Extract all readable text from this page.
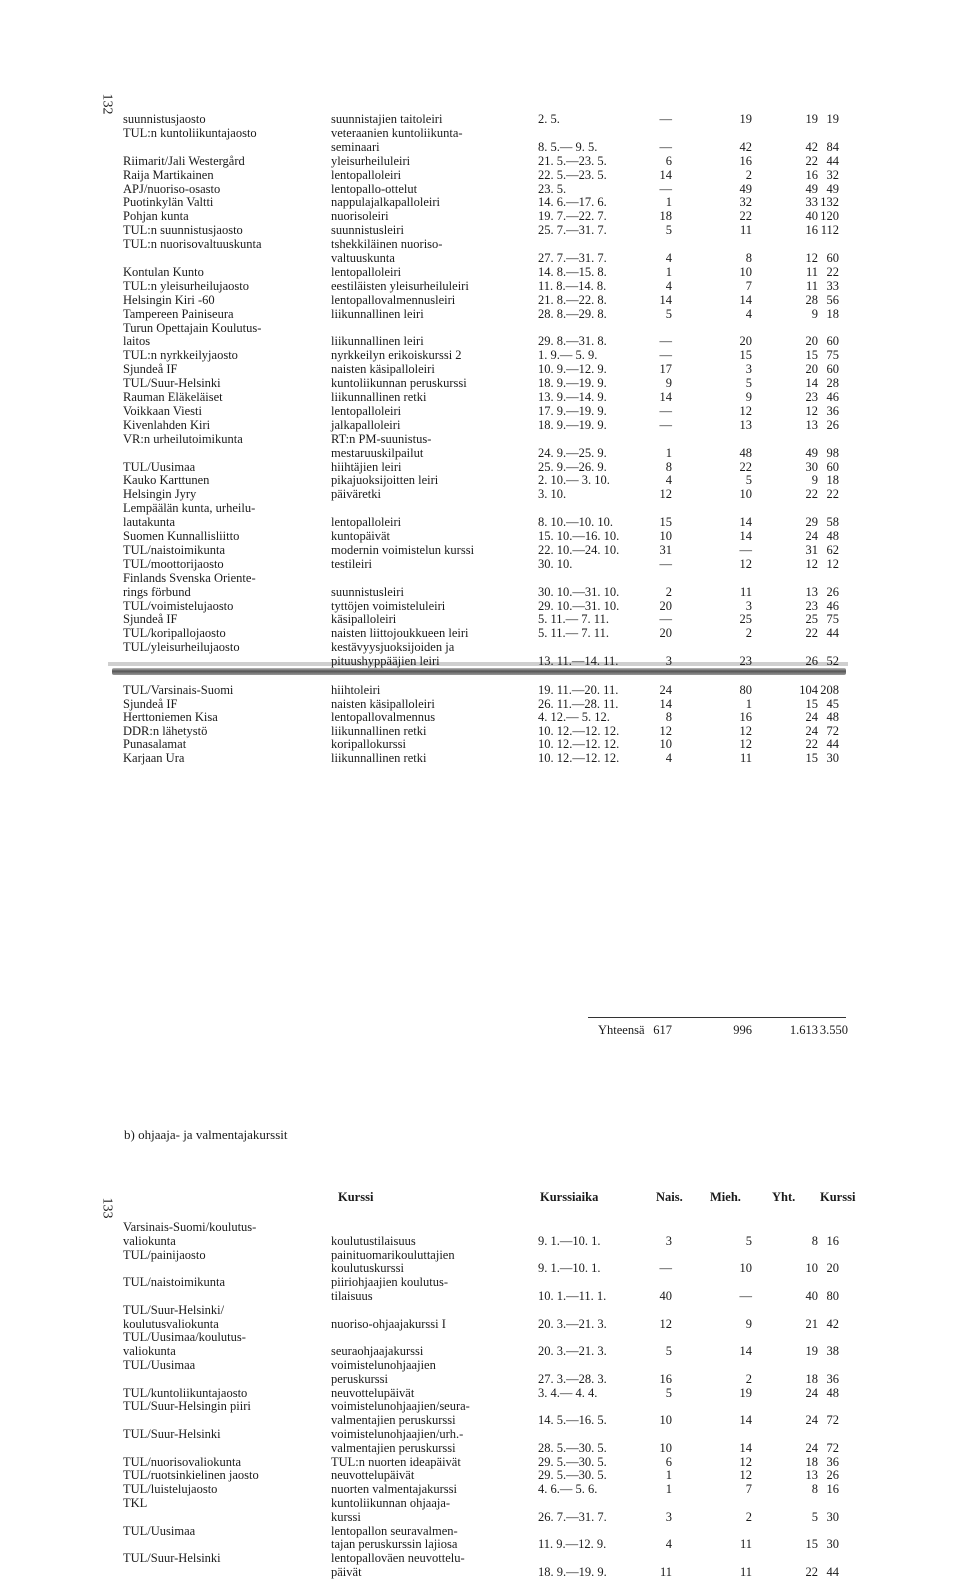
132
133
suunnistusjaosto	suunnistajien taitoleiri	2. 5.	—	19	19 19
TUL:n kuntoliikuntajaosto	veteraanien kuntoliikunta-
seminaari	8. 5.— 9. 5.	—	42	42 84
Riimarit/Jali Westergård	yleisurheiluleiri	21. 5.—23. 5.	6	16	22 44
Raija Martikainen	lentopalloleiri	22. 5.—23. 5.	14	2	16 32
APJ/nuoriso-osasto	lentopallo-ottelut	23. 5.	—	49	49 49
Puotinkylän Valtti	nappulajalkapalloleiri	14. 6.—17. 6.	1	32	33 132
Pohjan kunta	nuorisoleiri	19. 7.—22. 7.	18	22	40 120
TUL:n suunnistusjaosto	suunnistusleiri	25. 7.—31. 7.	5	11	16 112
TUL:n nuorisovaltuuskunta	tshekkiläinen nuoriso-
valtuuskunta	27. 7.—31. 7.	4	8	12 60
Kontulan Kunto	lentopalloleiri	14. 8.—15. 8.	1	10	11 22
TUL:n yleisurheilujaosto	eestiläisten yleisurheiluleiri	11. 8.—14. 8.	4	7	11 33
Helsingin Kiri -60	lentopallovalmennusleiri	21. 8.—22. 8.	14	14	28 56
Tampereen Painiseura	liikunnallinen leiri	28. 8.—29. 8.	5	4	9 18
Turun Opettajain Koulutus-
laitos	liikunnallinen leiri	29. 8.—31. 8.	—	20	20 60
TUL:n nyrkkeilyjaosto	nyrkkeilyn erikoiskurssi 2	1. 9.— 5. 9.	—	15	15 75
Sjundeå IF	naisten käsipalloleiri	10. 9.—12. 9.	17	3	20 60
TUL/Suur-Helsinki	kuntoliikunnan peruskurssi	18. 9.—19. 9.	9	5	14 28
Rauman Eläkeläiset	liikunnallinen retki	13. 9.—14. 9.	14	9	23 46
Voikkaan Viesti	lentopalloleiri	17. 9.—19. 9.	—	12	12 36
Kivenlahden Kiri	jalkapalloleiri	18. 9.—19. 9.	—	13	13 26
VR:n urheilutoimikunta	RT:n PM-suunistus-
mestaruuskilpailut	24. 9.—25. 9.	1	48	49 98
TUL/Uusimaa	hiihtäjien leiri	25. 9.—26. 9.	8	22	30 60
Kauko Karttunen	pikajuoksijoitten leiri	2. 10.— 3. 10.	4	5	9 18
Helsingin Jyry	päiväretki	3. 10.	12	10	22 22
Lempäälän kunta, urheilu-
lautakunta	lentopalloleiri	8. 10.—10. 10.	15	14	29 58
Suomen Kunnallisliitto	kuntopäivät	15. 10.—16. 10.	10	14	24 48
TUL/naistoimikunta	modernin voimistelun kurssi	22. 10.—24. 10.	31	—	31 62
TUL/moottorijaosto	testileiri	30. 10.	—	12	12 12
Finlands Svenska Oriente-
rings förbund	suunnistusleiri	30. 10.—31. 10.	2	11	13 26
TUL/voimistelujaosto	tyttöjen voimisteluleiri	29. 10.—31. 10.	20	3	23 46
Sjundeå IF	käsipalloleiri	5. 11.— 7. 11.	—	25	25 75
TUL/koripallojaosto	naisten liittojoukkueen leiri	5. 11.— 7. 11.	20	2	22 44
TUL/yleisurheilujaosto	kestävyysjuoksijoiden ja
pituushyppääjien leiri	13. 11.—14. 11.	3	23	26 52
TUL/Varsinais-Suomi	hiihtoleiri	19. 11.—20. 11.	24	80	104 208
Sjundeå IF	naisten käsipalloleiri	26. 11.—28. 11.	14	1	15 45
Herttoniemen Kisa	lentopallovalmennus	4. 12.— 5. 12.	8	16	24 48
DDR:n lähetystö	liikunnallinen retki	10. 12.—12. 12.	12	12	24 72
Punasalamat	koripallokurssi	10. 12.—12. 12.	10	12	22 44
Karjaan Ura	liikunnallinen retki	10. 12.—12. 12.	4	11	15 30
Yhteensä 617	996	1.613 3.550
b) ohjaaja- ja valmentajakurssit
Kurssi	Kurssiaika	Nais. Mieh. Yht. Kurssi
Varsinais-Suomi/koulutus-
valiokunta	koulutustilaisuus	9. 1.—10. 1.	3	5	8 16
TUL/painijaosto	painituomarikouluttajien
koulutuskurssi	9. 1.—10. 1.	—	10	10 20
TUL/naistoimikunta	piiriohjaajien koulutus-
tilaisuus	10. 1.—11. 1.	40	—	40 80
TUL/Suur-Helsinki/
koulutusvaliokunta	nuoriso-ohjaajakurssi I	20. 3.—21. 3.	12	9	21 42
TUL/Uusimaa/koulutus-
valiokunta	seuraohjaajakurssi	20. 3.—21. 3.	5	14	19 38
TUL/Uusimaa	voimistelunohjaajien
peruskurssi	27. 3.—28. 3.	16	2	18 36
TUL/kuntoliikuntajaosto	neuvottelupäivät	3. 4.— 4. 4.	5	19	24 48
TUL/Suur-Helsingin piiri	voimistelunohjaajien/seura-
valmentajien peruskurssi	14. 5.—16. 5.	10	14	24 72
TUL/Suur-Helsinki	voimistelunohjaajien/urh.-
valmentajien peruskurssi	28. 5.—30. 5.	10	14	24 72
TUL/nuorisovaliokunta	TUL:n nuorten ideapäivät	29. 5.—30. 5.	6	12	18 36
TUL/ruotsinkielinen jaosto	neuvottelupäivät	29. 5.—30. 5.	1	12	13 26
TUL/luistelujaosto	nuorten valmentajakurssi	4. 6.— 5. 6.	1	7	8 16
TKL	kuntoliikunnan ohjaaja-
kurssi	26. 7.—31. 7.	3	2	5 30
TUL/Uusimaa	lentopallon seuravalmen-
tajan peruskurssin lajiosa	11. 9.—12. 9.	4	11	15 30
TUL/Suur-Helsinki	lentopalloväen neuvottelu-
päivät	18. 9.—19. 9.	11	11	22 44
